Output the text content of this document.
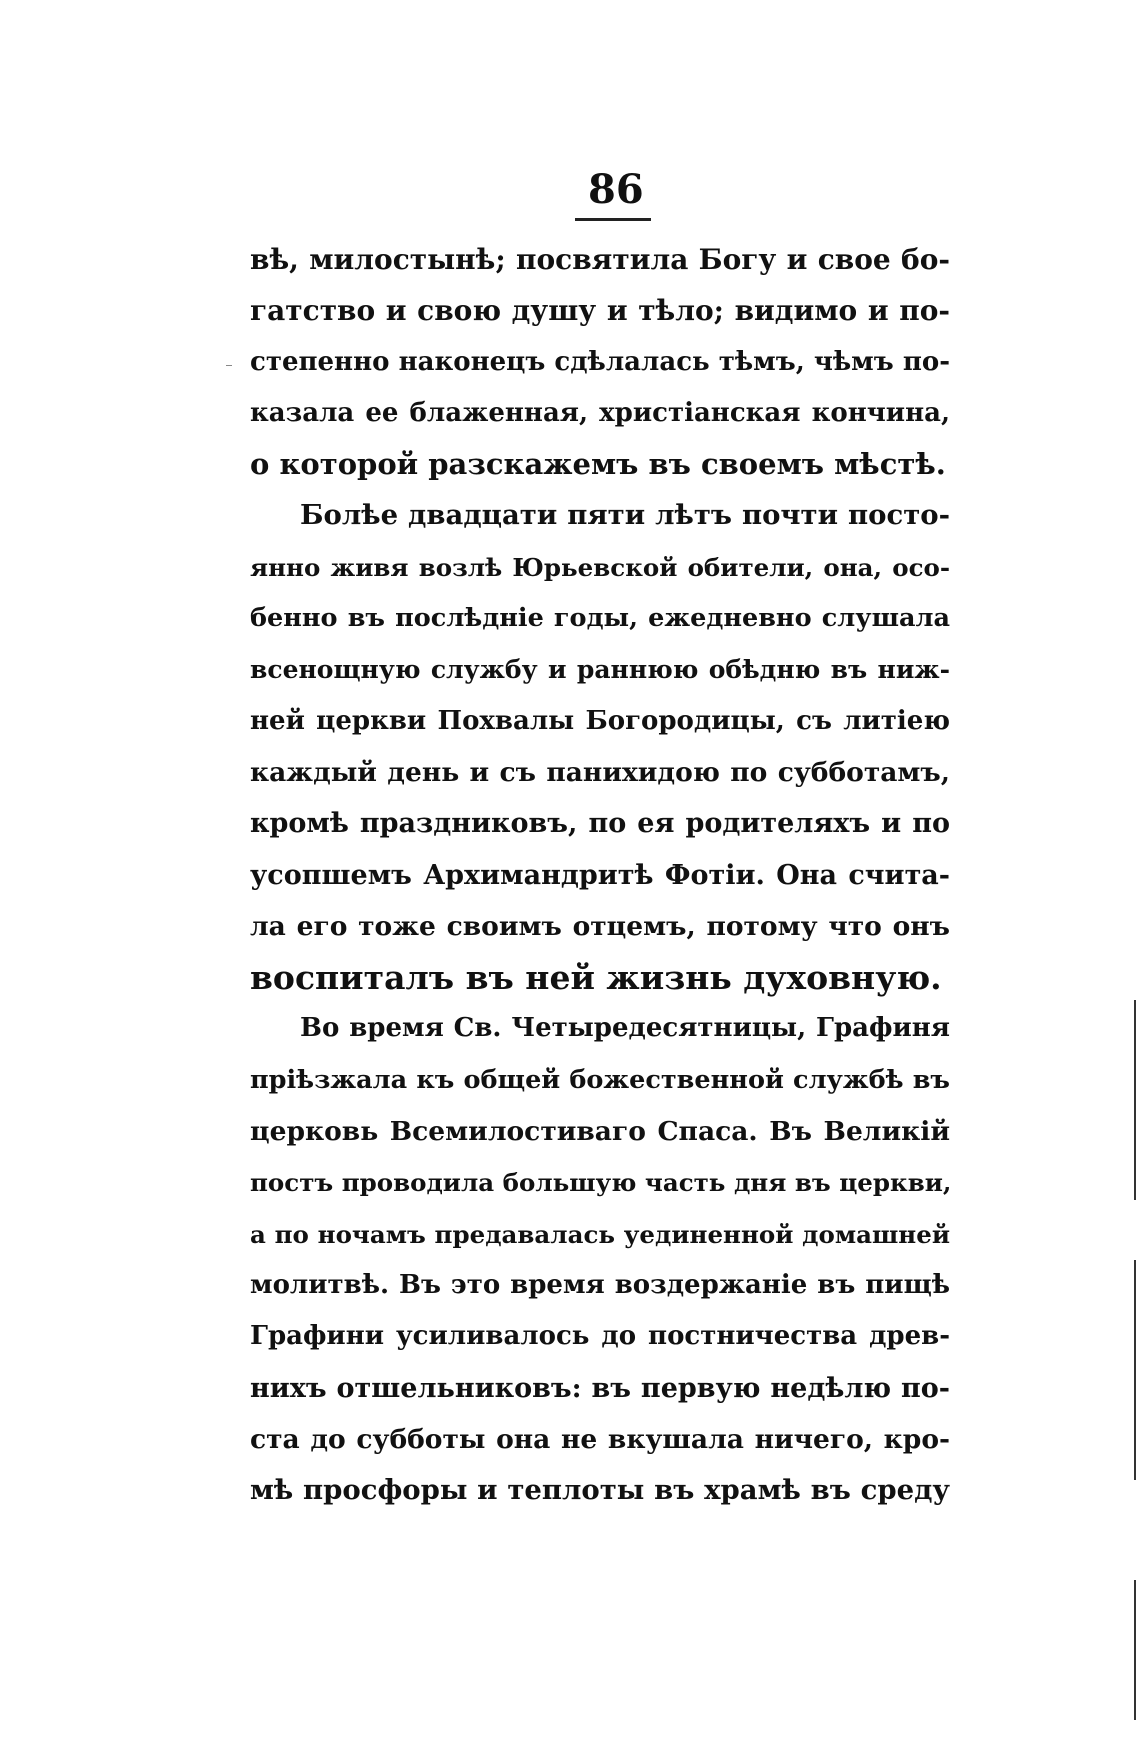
86
вѣ, милостынѣ; посвятила Богу и свое бо-
гатство и свою душу и тѣло; видимо и по-
степенно наконецъ сдѣлалась тѣмъ, чѣмъ по-
казала ее блаженная, христіанская кончина,
о которой разскажемъ въ своемъ мѣстѣ.
Болѣе двадцати пяти лѣтъ почти посто-
янно живя возлѣ Юрьевской обители, она, осо-
бенно въ послѣдніе годы, ежедневно слушала
всенощную службу и раннюю обѣдню въ ниж-
ней церкви Похвалы Богородицы, съ литіею
каждый день и съ панихидою по субботамъ,
кромѣ праздниковъ, по ея родителяхъ и по
усопшемъ Архимандритѣ Фотіи. Она счита-
ла его тоже своимъ отцемъ, потому что онъ
воспиталъ въ ней жизнь духовную.
Во время Св. Четыредесятницы, Графиня
пріѣзжала къ общей божественной службѣ въ
церковь Всемилостиваго Спаса. Въ Великій
постъ проводила большую часть дня въ церкви,
а по ночамъ предавалась уединенной домашней
молитвѣ. Въ это время воздержаніе въ пищѣ
Графини усиливалось до постничества древ-
нихъ отшельниковъ: въ первую недѣлю по-
ста до субботы она не вкушала ничего, кро-
мѣ просфоры и теплоты въ храмѣ въ среду
